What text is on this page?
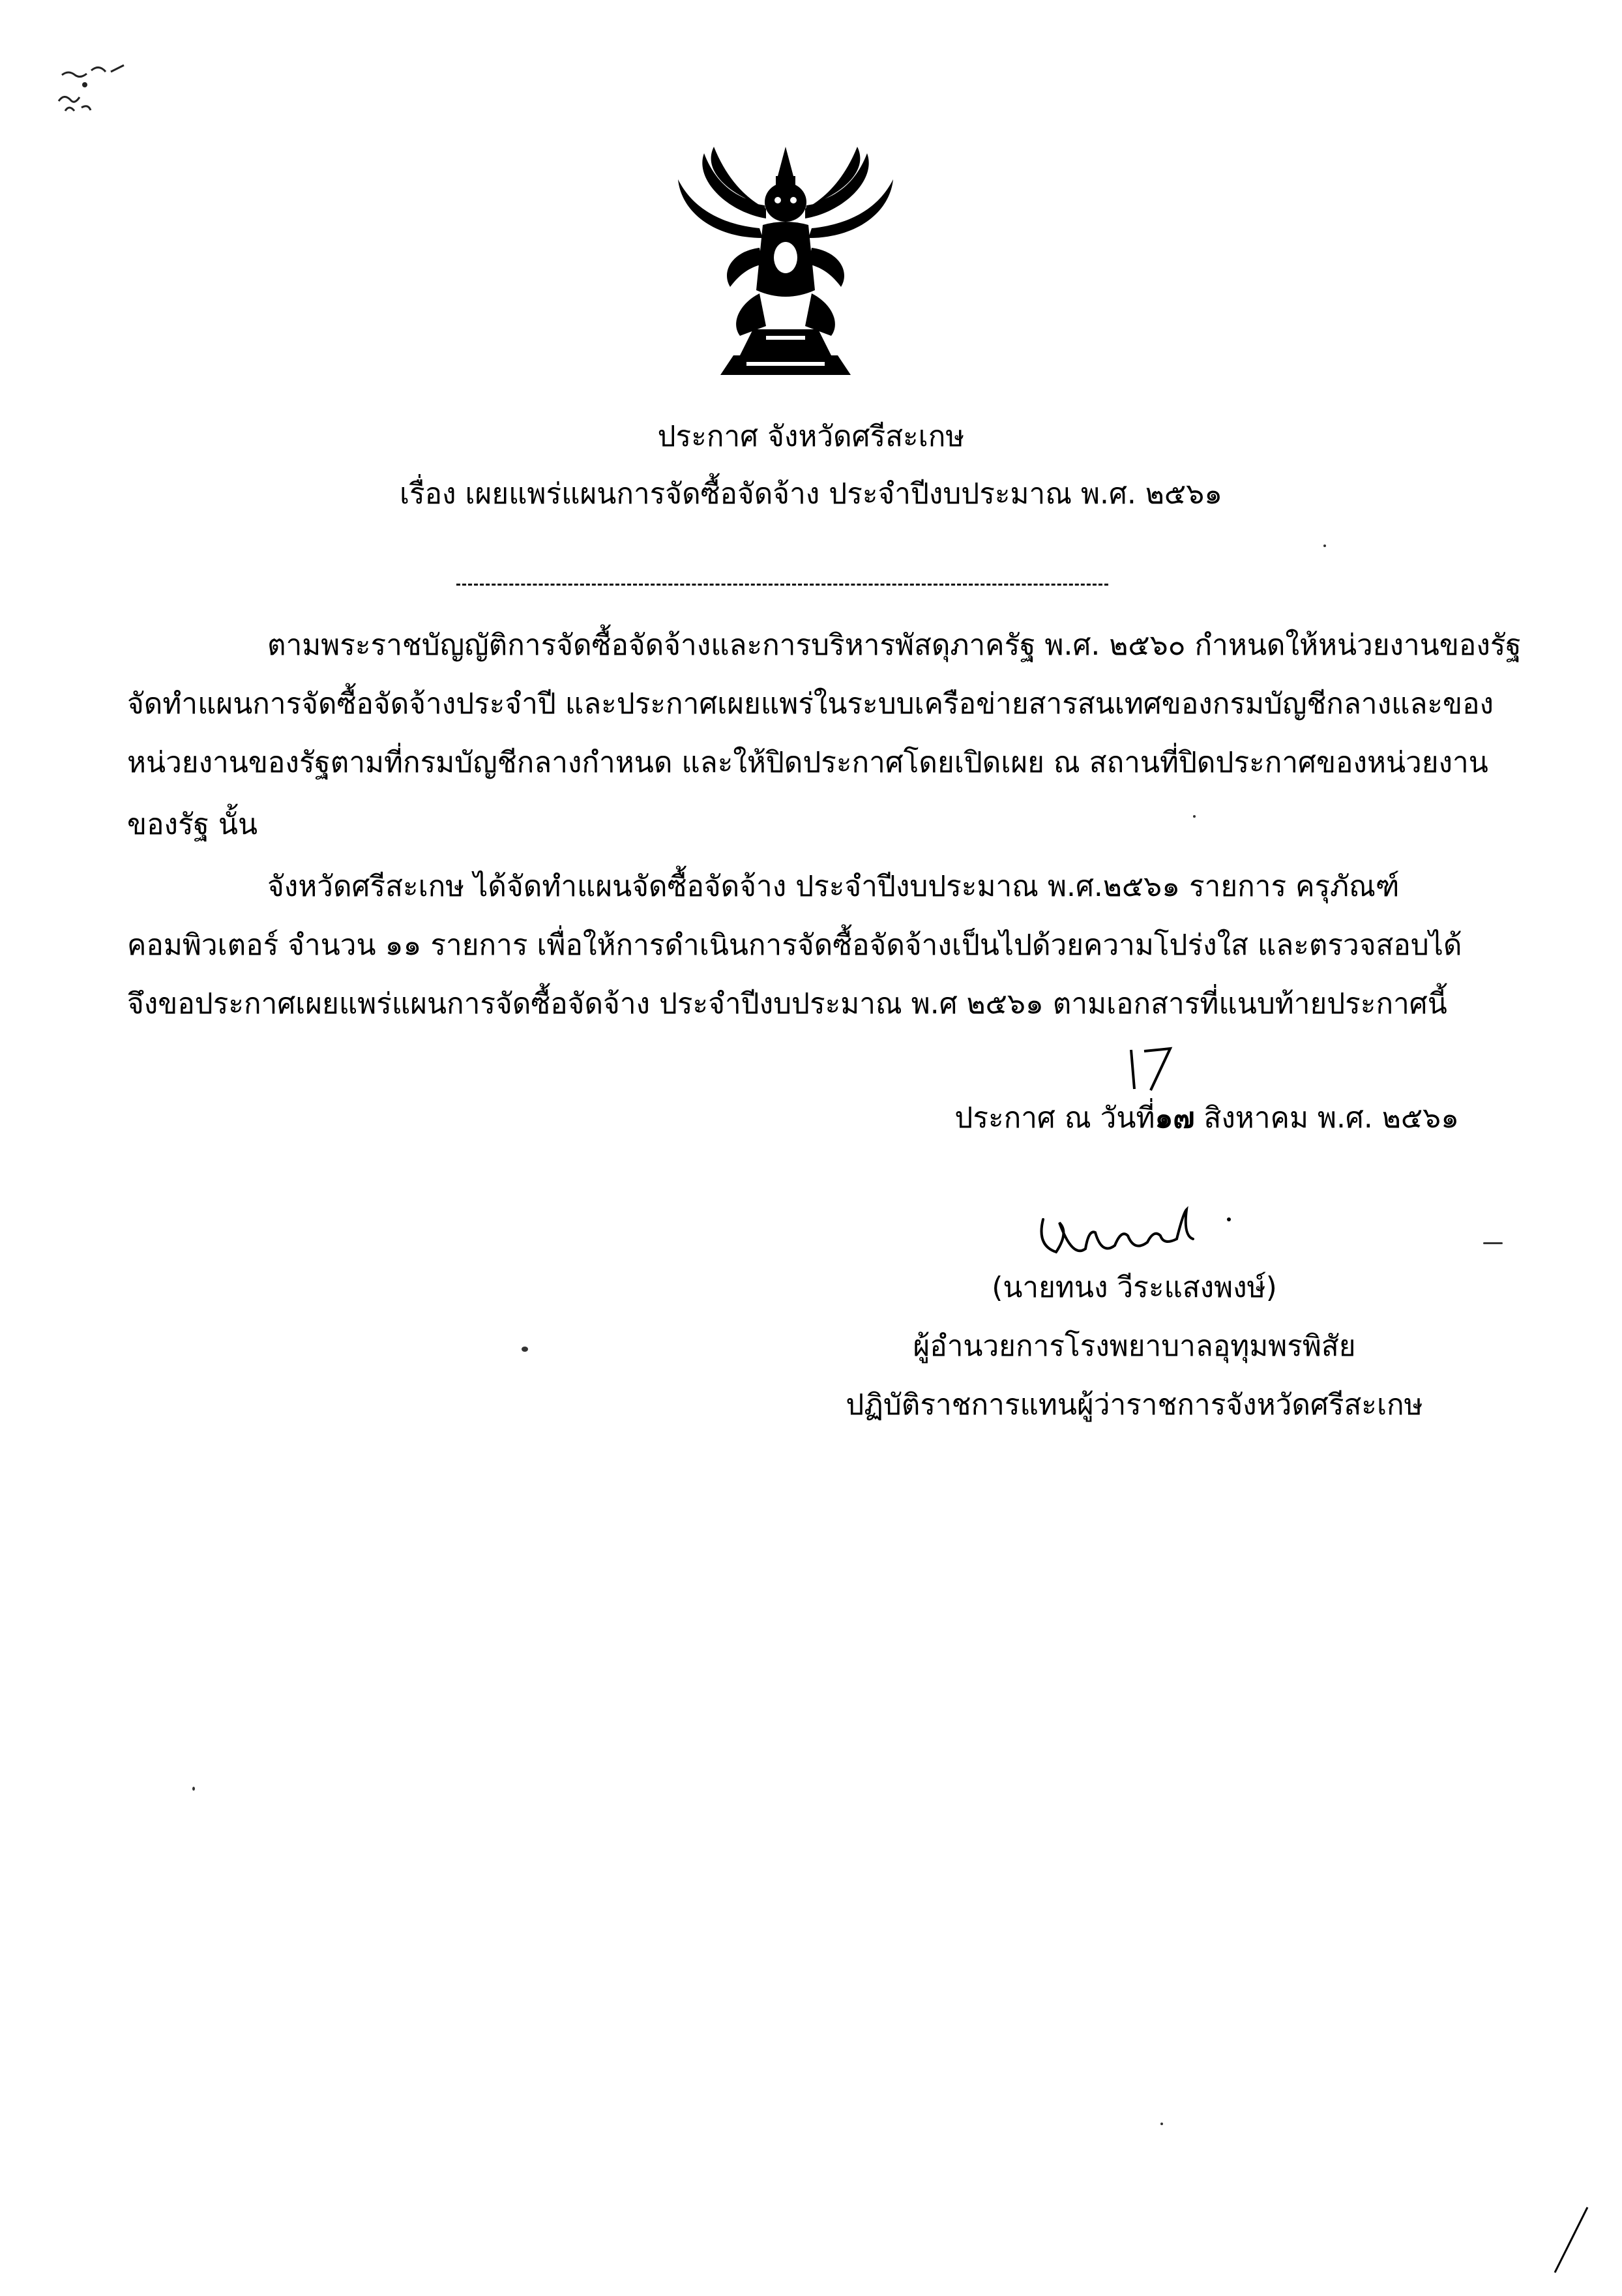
ประกาศ จังหวัดศรีสะเกษ
เรื่อง เผยแพร่แผนการจัดซื้อจัดจ้าง ประจำปีงบประมาณ พ.ศ. ๒๕๖๑
ตามพระราชบัญญัติการจัดซื้อจัดจ้างและการบริหารพัสดุภาครัฐ พ.ศ. ๒๕๖๐ กำหนดให้หน่วยงานของรัฐ
จัดทำแผนการจัดซื้อจัดจ้างประจำปี และประกาศเผยแพร่ในระบบเครือข่ายสารสนเทศของกรมบัญชีกลางและของ
หน่วยงานของรัฐตามที่กรมบัญชีกลางกำหนด และให้ปิดประกาศโดยเปิดเผย ณ สถานที่ปิดประกาศของหน่วยงาน
ของรัฐ นั้น
จังหวัดศรีสะเกษ ได้จัดทำแผนจัดซื้อจัดจ้าง ประจำปีงบประมาณ พ.ศ.๒๕๖๑ รายการ ครุภัณฑ์
คอมพิวเตอร์ จำนวน ๑๑ รายการ เพื่อให้การดำเนินการจัดซื้อจัดจ้างเป็นไปด้วยความโปร่งใส และตรวจสอบได้
จึงขอประกาศเผยแพร่แผนการจัดซื้อจัดจ้าง ประจำปีงบประมาณ พ.ศ ๒๕๖๑ ตามเอกสารที่แนบท้ายประกาศนี้
ประกาศ ณ วันที่๑๗ สิงหาคม พ.ศ. ๒๕๖๑
(นายทนง วีระแสงพงษ์)
ผู้อำนวยการโรงพยาบาลอุทุมพรพิสัย
ปฏิบัติราชการแทนผู้ว่าราชการจังหวัดศรีสะเกษ
